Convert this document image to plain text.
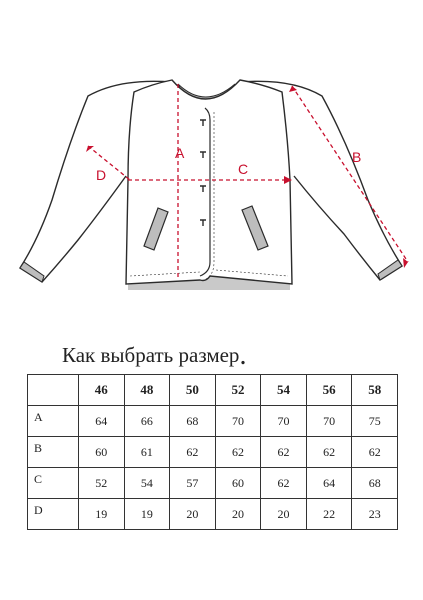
A
C
B
D
Как выбрать размер.
	46	48	50	52	54	56	58
A	64	66	68	70	70	70	75
B	60	61	62	62	62	62	62
C	52	54	57	60	62	64	68
D	19	19	20	20	20	22	23
